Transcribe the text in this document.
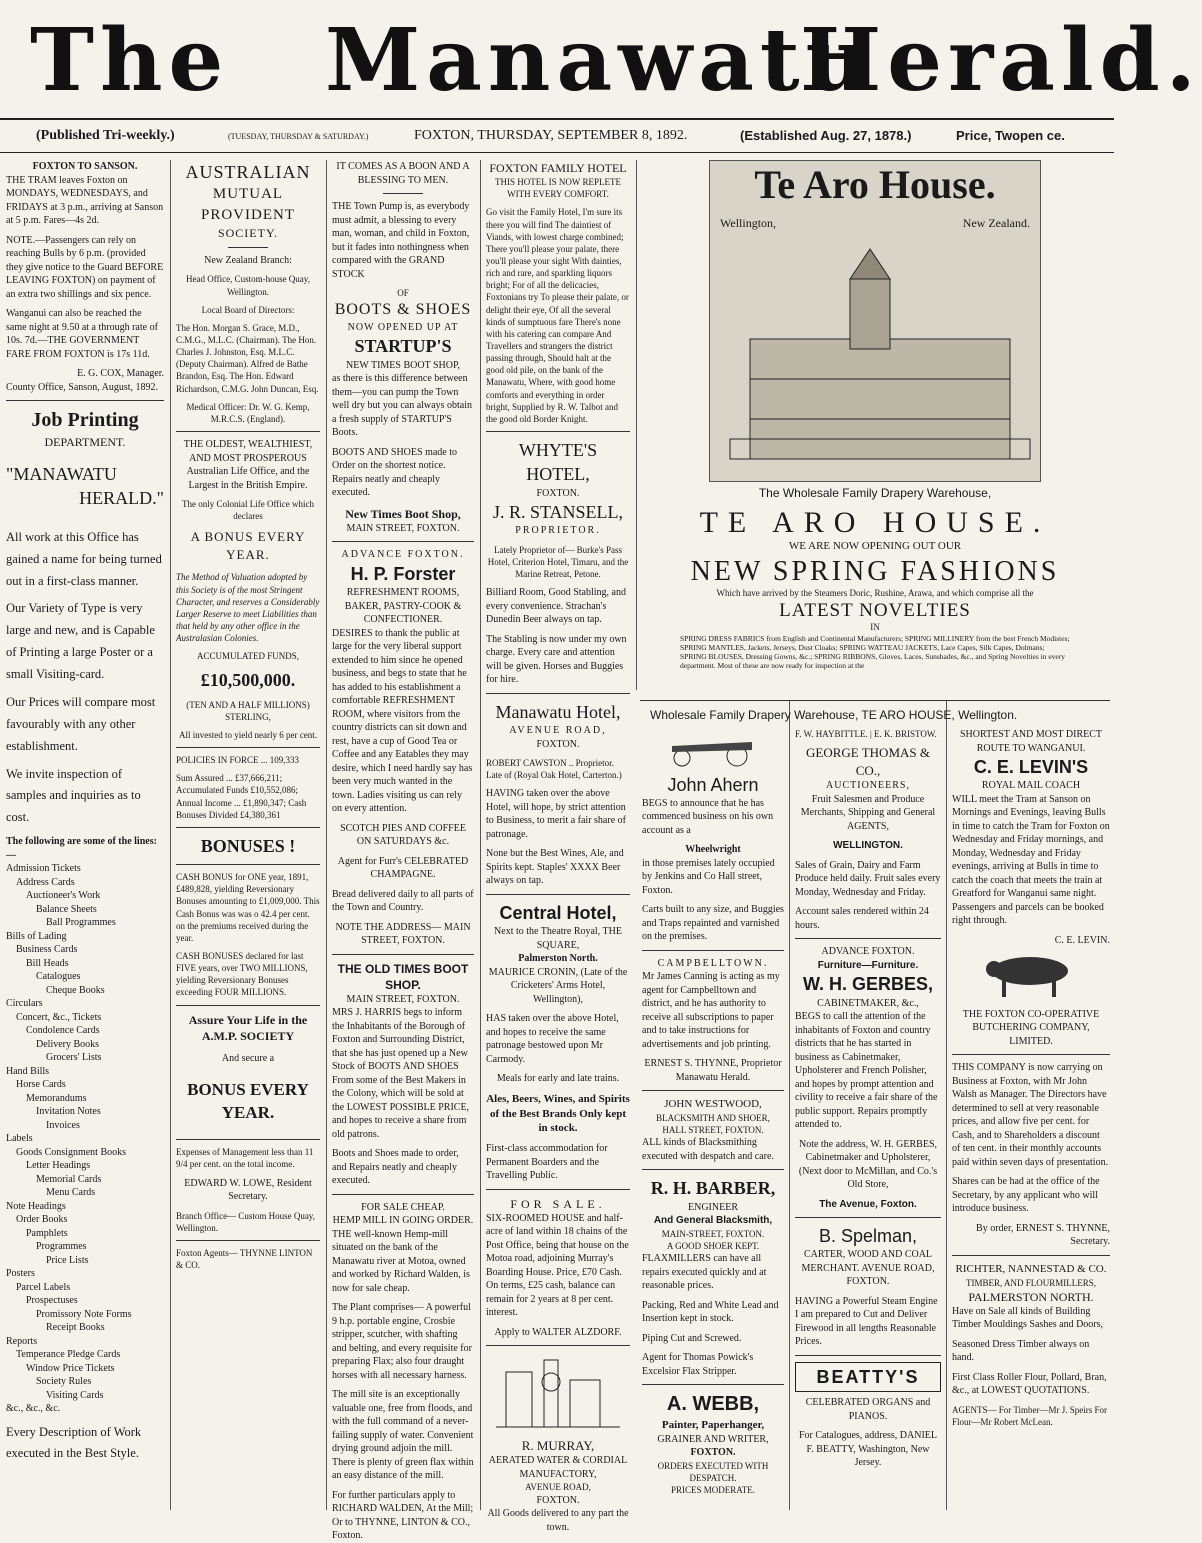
The Manawatu
Herald.
(Published Tri-weekly.)	(TUESDAY, THURSDAY & SATURDAY.)	FOXTON, THURSDAY, SEPTEMBER 8, 1892.	(Established Aug. 27, 1878.)	Price, Twopen ce.
FOXTON TO SANSON.

THE TRAM leaves Foxton on MONDAYS, WEDNESDAYS, and FRIDAYS at 3 p.m., arriving at Sanson at 5 p.m. Fares—4s 2d.

NOTE.—Passengers can rely on reaching Bulls by 6 p.m. (provided they give notice to the Guard BEFORE LEAVING FOXTON) on payment of an extra two shillings and six pence.

Wanganui can also be reached the same night at 9.50 at a through rate of 10s. 7d.—THE GOVERNMENT FARE FROM FOXTON is 17s 11d.

E. G. COX, Manager.
County Office, Sanson, August, 1892.
Job Printing
DEPARTMENT.
"MANAWATU
HERALD."

All work at this Office has gained a name for being turned out in a first-class manner.

Our Variety of Type is very large and new, and is Capable of Printing a large Poster or a small Visiting-card.

Our Prices will compare most favourably with any other establishment.

We invite inspection of samples and inquiries as to cost.

The following are some of the lines:—
Admission Tickets
Address Cards
Auctioneer's Work
Balance Sheets
Ball Programmes
Bills of Lading
Business Cards
Bill Heads
Catalogues
Cheque Books
Circulars
Concert, &c., Tickets
Condolence Cards
Delivery Books
Grocers' Lists
Hand Bills
Horse Cards
Memorandums
Invitation Notes
Invoices
Labels
Goods Consignment Books
Letter Headings
Memorial Cards
Menu Cards
Note Headings
Order Books
Pamphlets
Programmes
Price Lists
Posters
Parcel Labels
Prospectuses
Promissory Note Forms
Receipt Books
Reports
Temperance Pledge Cards
Window Price Tickets
Society Rules
Visiting Cards
&c., &c., &c.
Every Description of Work executed in the Best Style.
AUSTRALIAN
MUTUAL PROVIDENT
SOCIETY.

New Zealand Branch:

Head Office, Custom-house Quay, Wellington.

Local Board of Directors:

The Hon. Morgan S. Grace, M.D., C.M.G., M.L.C. (Chairman). The Hon. Charles J. Johnston, Esq. M.L.C. (Deputy Chairman). Alfred de Bathe Brandon, Esq. The Hon. Edward Richardson, C.M.G. John Duncan, Esq.

Medical Officer: Dr. W. G. Kemp, M.R.C.S. (England).

THE OLDEST, WEALTHIEST, AND MOST PROSPEROUS Australian Life Office, and the Largest in the British Empire.

The only Colonial Life Office which declares

A BONUS EVERY YEAR.

The Method of Valuation adopted by this Society is of the most Stringent Character, and reserves a Considerably Larger Reserve to meet Liabilities than that held by any other office in the Australasian Colonies.

ACCUMULATED FUNDS,

£10,500,000.

(TEN AND A HALF MILLIONS) STERLING,

All invested to yield nearly 6 per cent.

POLICIES IN FORCE ... 109,333

Sum Assured ... £37,666,211; Accumulated Funds £10,552,086; Annual Income ... £1,890,347; Cash Bonuses Divided £4,380,361

BONUSES !

CASH BONUS for ONE year, 1891, £489,828, yielding Reversionary Bonuses amounting to £1,009,000. This Cash Bonus was was o 42.4 per cent. on the premiums received during the year.

CASH BONUSES declared for last FIVE years, over TWO MILLIONS, yielding Reversionary Bonuses exceeding FOUR MILLIONS.

Assure Your Life in the A.M.P. SOCIETY

And secure a

BONUS EVERY YEAR.

Expenses of Management less than 11 9/4 per cent. on the total income.

EDWARD W. LOWE, Resident Secretary.

Branch Office— Custom House Quay, Wellington.

Foxton Agents— THYNNE LINTON & CO.

IT COMES AS A BOON AND A BLESSING TO MEN.

THE Town Pump is, as everybody must admit, a blessing to every man, woman, and child in Foxton, but it fades into nothingness when compared with the GRAND STOCK

OF
BOOTS & SHOES
NOW OPENED UP AT
STARTUP'S
NEW TIMES BOOT SHOP,

as there is this difference between them—you can pump the Town well dry but you can always obtain a fresh supply of STARTUP'S Boots.

BOOTS AND SHOES made to Order on the shortest notice. Repairs neatly and cheaply executed.

New Times Boot Shop,
MAIN STREET, FOXTON.
ADVANCE FOXTON.
H. P. Forster
REFRESHMENT ROOMS, BAKER, PASTRY-COOK & CONFECTIONER.

DESIRES to thank the public at large for the very liberal support extended to him since he opened business, and begs to state that he has added to his establishment a comfortable REFRESHMENT ROOM, where visitors from the country districts can sit down and rest, have a cup of Good Tea or Coffee and any Eatables they may desire, which I need hardly say has been very much wanted in the town. Ladies visiting us can rely on every attention.

SCOTCH PIES AND COFFEE ON SATURDAYS &c.

Agent for Furr's CELEBRATED CHAMPAGNE.

Bread delivered daily to all parts of the Town and Country.

NOTE THE ADDRESS— MAIN STREET, FOXTON.

THE OLD TIMES BOOT SHOP.
MAIN STREET, FOXTON.

MRS J. HARRIS begs to inform the Inhabitants of the Borough of Foxton and Surrounding District, that she has just opened up a New Stock of BOOTS AND SHOES From some of the Best Makers in the Colony, which will be sold at the LOWEST POSSIBLE PRICE, and hopes to receive a share from old patrons.

Boots and Shoes made to order, and Repairs neatly and cheaply executed.

FOR SALE CHEAP.
HEMP MILL IN GOING ORDER.

THE well-known Hemp-mill situated on the bank of the Manawatu river at Motoa, owned and worked by Richard Walden, is now for sale cheap.

The Plant comprises— A powerful 9 h.p. portable engine, Crosbie stripper, scutcher, with shafting and belting, and every requisite for preparing Flax; also four draught horses with all necessary harness.

The mill site is an exceptionally valuable one, free from floods, and with the full command of a never-failing supply of water. Convenient drying ground adjoin the mill. There is plenty of green flax within an easy distance of the mill.

For further particulars apply to RICHARD WALDEN, At the Mill; Or to THYNNE, LINTON & CO., Foxton.

FOXTON FAMILY HOTEL
THIS HOTEL IS NOW REPLETE WITH EVERY COMFORT.

Go visit the Family Hotel, I'm sure its there you will find The daintiest of Viands, with lowest charge combined; There you'll please your palate, there you'll please your sight With dainties, rich and rare, and sparkling liquors bright; For of all the delicacies, Foxtonians try To please their palate, or delight their eye, Of all the several kinds of sumptuous fare There's none with his catering can compare And Travellers and strangers the district passing through, Should halt at the good old pile, on the bank of the Manawatu, Where, with good home comforts and everything in order bright, Supplied by R. W. Talbot and the good old Border Knight.

WHYTE'S HOTEL,
FOXTON.
J. R. STANSELL,
PROPRIETOR.

Lately Proprietor of— Burke's Pass Hotel, Criterion Hotel, Timaru, and the Marine Retreat, Petone.

Billiard Room, Good Stabling, and every convenience. Strachan's Dunedin Beer always on tap.

The Stabling is now under my own charge. Every care and attention will be given. Horses and Buggies for hire.

Manawatu Hotel,
AVENUE ROAD,
FOXTON.

ROBERT CAWSTON .. Proprietor. Late of (Royal Oak Hotel, Carterton.)

HAVING taken over the above Hotel, will hope, by strict attention to Business, to merit a fair share of patronage.

None but the Best Wines, Ale, and Spirits kept. Staples' XXXX Beer always on tap.

Central Hotel,
Next to the Theatre Royal, THE SQUARE,
Palmerston North.

MAURICE CRONIN, (Late of the Cricketers' Arms Hotel, Wellington),

HAS taken over the above Hotel, and hopes to receive the same patronage bestowed upon Mr Carmody.

Meals for early and late trains.

Ales, Beers, Wines, and Spirits of the Best Brands Only kept in stock.

First-class accommodation for Permanent Boarders and the Travelling Public.

FOR SALE.

SIX-ROOMED HOUSE and half-acre of land within 18 chains of the Post Office, being that house on the Motoa road, adjoining Murray's Boarding House. Price, £70 Cash. On terms, £25 cash, balance can remain for 2 years at 8 per cent. interest.

Apply to WALTER ALZDORF.

R. MURRAY,
AERATED WATER & CORDIAL MANUFACTORY,
AVENUE ROAD,
FOXTON.

All Goods delivered to any part the town.

Te Aro House.
Wellington,	New Zealand.
The Wholesale Family Drapery Warehouse,
TE ARO HOUSE.
WE ARE NOW OPENING OUT OUR
NEW SPRING FASHIONS
Which have arrived by the Steamers Doric, Rushine, Arawa, and which comprise all the
LATEST NOVELTIES
IN

SPRING DRESS FABRICS from English and Continental Manufacturers; SPRING MILLINERY from the best French Modistes; SPRING MANTLES, Jackets, Jerseys, Dust Cloaks; SPRING WATTEAU JACKETS, Lace Capes, Silk Capes, Dolmans; SPRING BLOUSES, Dressing Gowns, &c.; SPRING RIBBONS, Gloves, Laces, Sunshades, &c., and Spring Novelties in every department. Most of these are now ready for inspection at the

Wholesale Family Drapery Warehouse, TE ARO HOUSE, Wellington.
John Ahern

BEGS to announce that he has commenced business on his own account as a

Wheelwright

in those premises lately occupied by Jenkins and Co Hall street, Foxton.

Carts built to any size, and Buggies and Traps repainted and varnished on the premises.

CAMPBELLTOWN.

Mr James Canning is acting as my agent for Campbelltown and district, and he has authority to receive all subscriptions to paper and to take instructions for advertisements and job printing.

ERNEST S. THYNNE, Proprietor Manawatu Herald.

JOHN WESTWOOD,
BLACKSMITH AND SHOER,
HALL STREET, FOXTON.

ALL kinds of Blacksmithing executed with despatch and care.

R. H. BARBER,
ENGINEER
And General Blacksmith,
MAIN-STREET, FOXTON.
A GOOD SHOER KEPT.

FLAXMILLERS can have all repairs executed quickly and at reasonable prices.

Packing, Red and White Lead and Insertion kept in stock.

Piping Cut and Screwed.

Agent for Thomas Powick's Excelsior Flax Stripper.

A. WEBB,
Painter, Paperhanger,
GRAINER AND WRITER,
FOXTON.
ORDERS EXECUTED WITH DESPATCH.
PRICES MODERATE.
F. W. HAYBITTLE. | E. K. BRISTOW.
GEORGE THOMAS & CO.,
AUCTIONEERS,

Fruit Salesmen and Produce Merchants, Shipping and General AGENTS,

WELLINGTON.

Sales of Grain, Dairy and Farm Produce held daily. Fruit sales every Monday, Wednesday and Friday.

Account sales rendered within 24 hours.

ADVANCE FOXTON.
Furniture—Furniture.
W. H. GERBES,
CABINETMAKER, &c.,

BEGS to call the attention of the inhabitants of Foxton and country districts that he has started in business as Cabinetmaker, Upholsterer and French Polisher, and hopes by prompt attention and civility to receive a fair share of the public support. Repairs promptly attended to.

Note the address, W. H. GERBES, Cabinetmaker and Upholsterer, (Next door to McMillan, and Co.'s Old Store,

The Avenue, Foxton.
B. Spelman,

CARTER, WOOD AND COAL MERCHANT. AVENUE ROAD, FOXTON.

HAVING a Powerful Steam Engine I am prepared to Cut and Deliver Firewood in all lengths Reasonable Prices.

BEATTY'S

CELEBRATED ORGANS and PIANOS.

For Catalogues, address, DANIEL F. BEATTY, Washington, New Jersey.

SHORTEST AND MOST DIRECT ROUTE TO WANGANUI.
C. E. LEVIN'S
ROYAL MAIL COACH

WILL meet the Tram at Sanson on Mornings and Evenings, leaving Bulls in time to catch the Tram for Foxton on Wednesday and Friday mornings, and Monday, Wednesday and Friday evenings, arriving at Bulls in time to catch the coach that meets the train at Greatford for Wanganui same night. Passengers and parcels can be booked right through.

C. E. LEVIN.

THE FOXTON CO-OPERATIVE BUTCHERING COMPANY, LIMITED.

THIS COMPANY is now carrying on Business at Foxton, with Mr John Walsh as Manager. The Directors have determined to sell at very reasonable prices, and allow five per cent. for Cash, and to Shareholders a discount of ten cent. in their monthly accounts paid within seven days of presentation.

Shares can be had at the office of the Secretary, by any applicant who will introduce business.

By order, ERNEST S. THYNNE, Secretary.

RICHTER, NANNESTAD & CO.
TIMBER, AND FLOURMILLERS,
PALMERSTON NORTH.

Have on Sale all kinds of Building Timber Mouldings Sashes and Doors,

Seasoned Dress Timber always on hand.

First Class Roller Flour, Pollard, Bran, &c., at LOWEST QUOTATIONS.

AGENTS— For Timber—Mr J. Speirs For Flour—Mr Robert McLean.
